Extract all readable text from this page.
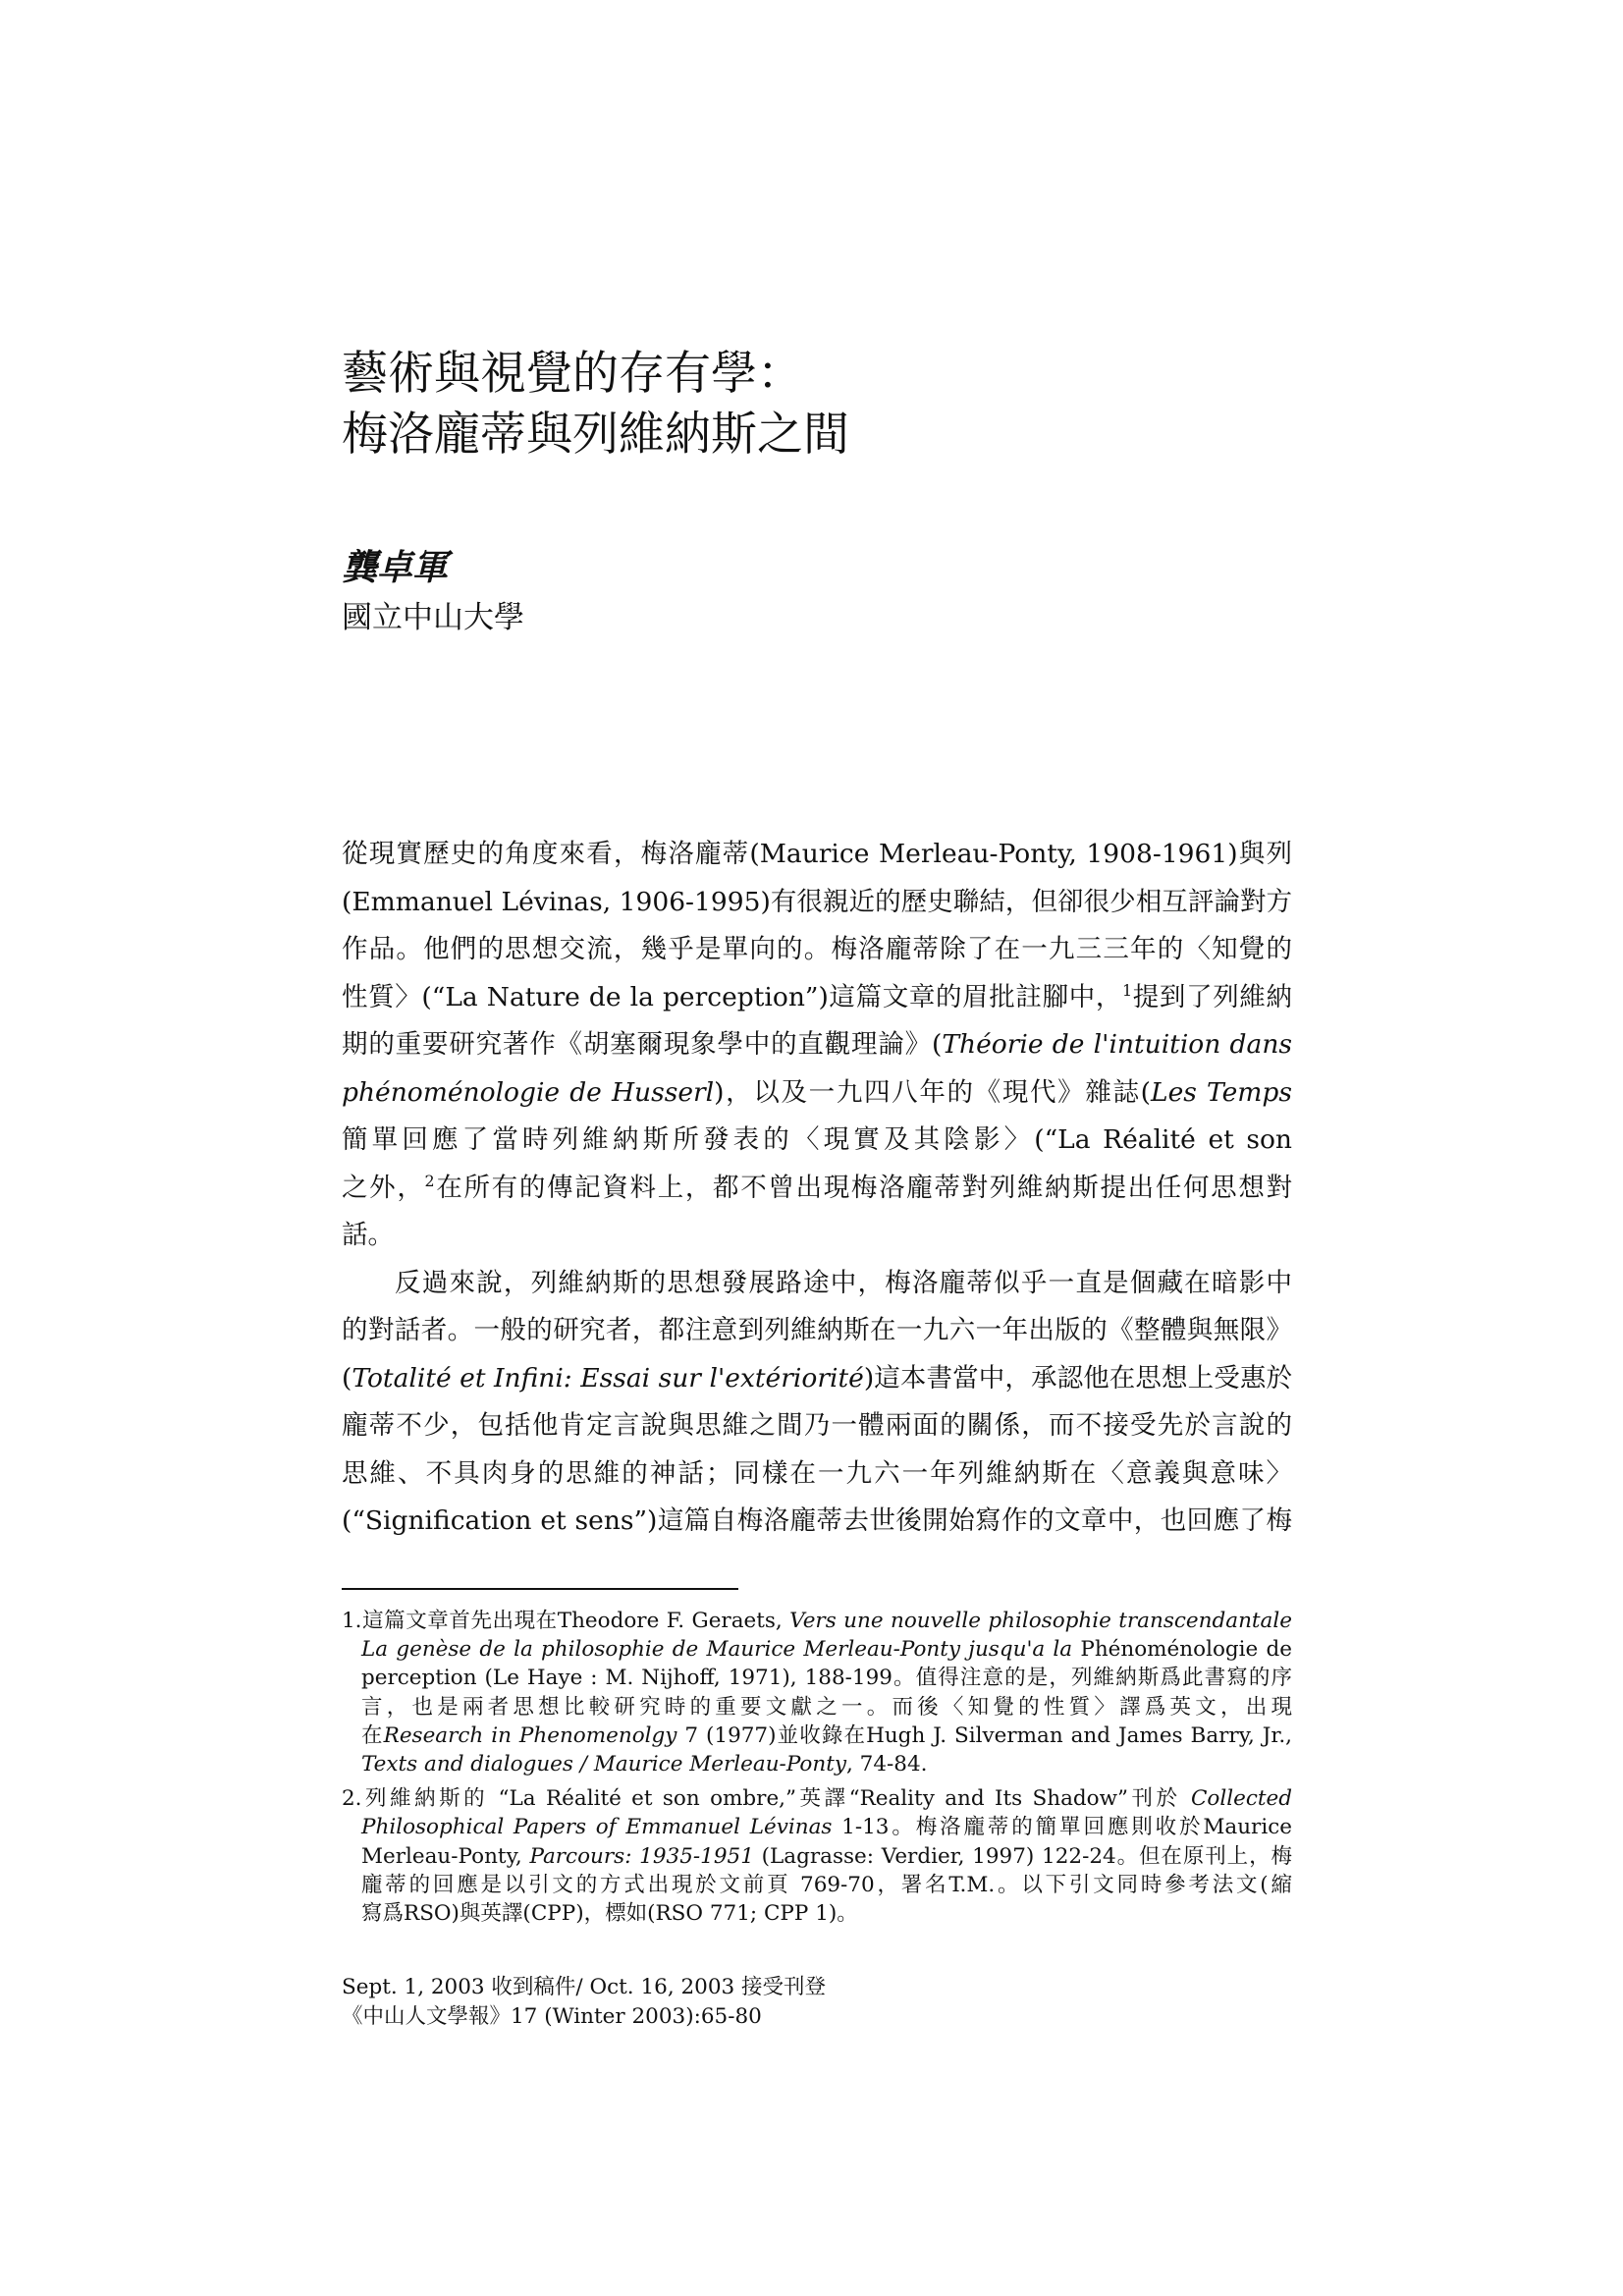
藝術與視覺的存有學：
梅洛龐蒂與列維納斯之間
龔卓軍
國立中山大學
從現實歷史的角度來看，梅洛龐蒂(Maurice Merleau-Ponty, 1908-1961)與列
(Emmanuel Lévinas, 1906-1995)有很親近的歷史聯結，但卻很少相互評論對方
作品。他們的思想交流，幾乎是單向的。梅洛龐蒂除了在一九三三年的〈知覺的
性質〉(“La Nature de la perception”)這篇文章的眉批註腳中，$^1$提到了列維納
期的重要研究著作《胡塞爾現象學中的直觀理論》(Théorie de l'intuition dans
phénoménologie de Husserl)，以及一九四八年的《現代》雜誌(Les Temps
簡單回應了當時列維納斯所發表的〈現實及其陰影〉(“La Réalité et son
之外，$^2$在所有的傳記資料上，都不曾出現梅洛龐蒂對列維納斯提出任何思想對
話。
反過來說，列維納斯的思想發展路途中，梅洛龐蒂似乎一直是個藏在暗影中
的對話者。一般的研究者，都注意到列維納斯在一九六一年出版的《整體與無限》
(Totalité et Infini: Essai sur l'extériorité)這本書當中，承認他在思想上受惠於
龐蒂不少，包括他肯定言說與思維之間乃一體兩面的關係，而不接受先於言說的
思維、不具肉身的思維的神話；同樣在一九六一年列維納斯在〈意義與意味〉
(“Signification et sens”)這篇自梅洛龐蒂去世後開始寫作的文章中，也回應了梅
1.這篇文章首先出現在Theodore F. Geraets, Vers une nouvelle philosophie transcendantale
La genèse de la philosophie de Maurice Merleau-Ponty jusqu'a la Phénoménologie de
perception (Le Haye : M. Nijhoff, 1971), 188-199。值得注意的是，列維納斯爲此書寫的序
言，也是兩者思想比較研究時的重要文獻之一。而後〈知覺的性質〉譯爲英文，出現
在Research in Phenomenolgy 7 (1977)並收錄在Hugh J. Silverman and James Barry, Jr.,
Texts and dialogues / Maurice Merleau-Ponty, 74-84.
2.列維納斯的 “La Réalité et son ombre,”英譯“Reality and Its Shadow”刊於 Collected
Philosophical Papers of Emmanuel Lévinas 1-13。梅洛龐蒂的簡單回應則收於Maurice
Merleau-Ponty, Parcours: 1935-1951 (Lagrasse: Verdier, 1997) 122-24。但在原刊上，梅
龐蒂的回應是以引文的方式出現於文前頁 769-70，署名T.M.。以下引文同時參考法文(縮
寫爲RSO)與英譯(CPP)，標如(RSO 771; CPP 1)。
Sept. 1, 2003 收到稿件/ Oct. 16, 2003 接受刊登
《中山人文學報》17 (Winter 2003):65-80
